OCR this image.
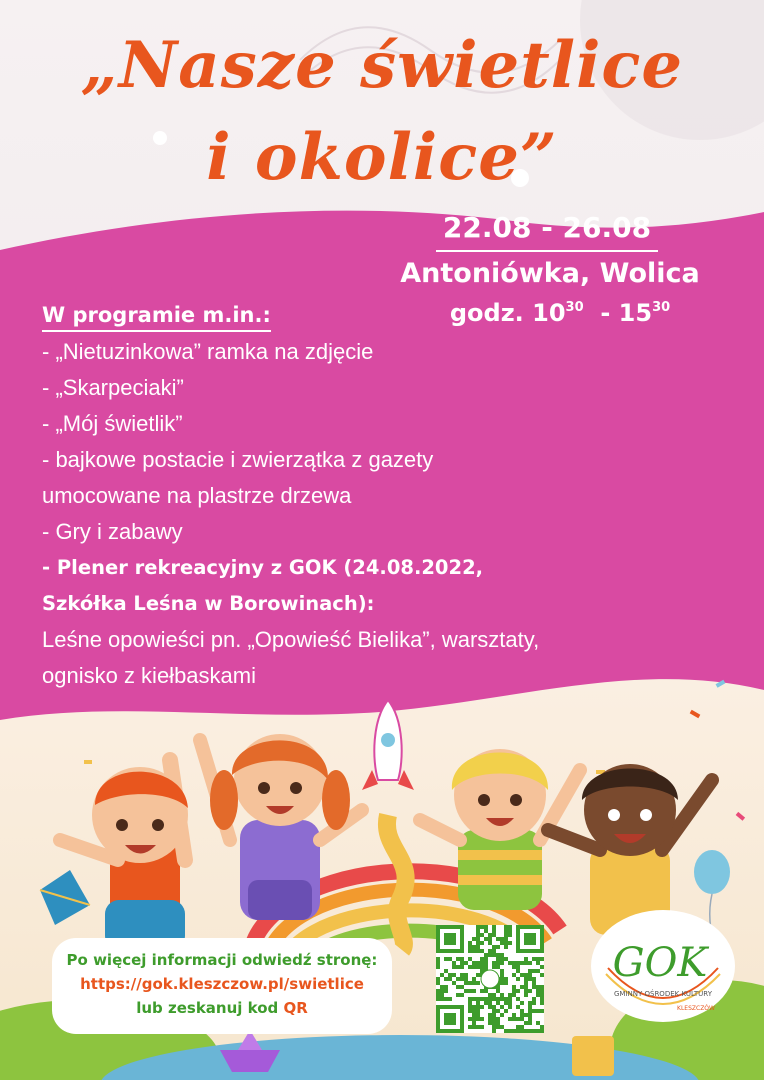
„Nasze świetlice
i okolice”
22.08 - 26.08
Antoniówka, Wolica
godz. $10^{30} - 15^{30}$
W programie m.in.:
- „Nietuzinkowa” ramka na zdjęcie
- „Skarpeciaki”
- „Mój świetlik”
- bajkowe postacie i zwierzątka z gazety
umocowane na plastrze drzewa
- Gry i zabawy
- Plener rekreacyjny z GOK (24.08.2022,
Szkółka Leśna w Borowinach):
Leśne opowieści pn. „Opowieść Bielika”, warsztaty,
ognisko z kiełbaskami
Po więcej informacji odwiedź stronę:
https://gok.kleszczow.pl/swietlice
lub zeskanuj kod QR
GOK
GMINNY OŚRODEK KULTURY
KLESZCZÓW
